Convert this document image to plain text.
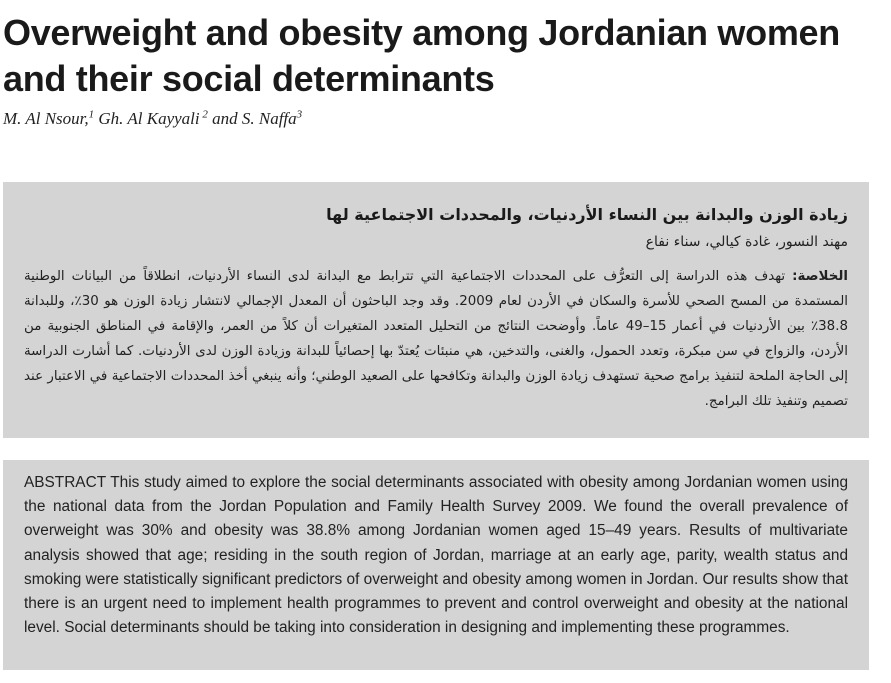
Overweight and obesity among Jordanian women and their social determinants

M. Al Nsour,$^1$ Gh. Al Kayyali $^2$ and S. Naffa$^3$

زيادة الوزن والبدانة بين النساء الأردنيات، والمحددات الاجتماعية لها

مهند النسور، غادة كيالي، سناء نفاع

الخلاصة: تهدف هذه الدراسة إلى التعرُّف على المحددات الاجتماعية التي تترابط مع البدانة لدى النساء الأردنيات، انطلاقاً من البيانات الوطنية المستمدة من المسح الصحي للأسرة والسكان في الأردن لعام 2009. وقد وجد الباحثون أن المعدل الإجمالي لانتشار زيادة الوزن هو 30٪، وللبدانة 38.8٪ بين الأردنيات في أعمار 15–49 عاماً. وأوضحت النتائج من التحليل المتعدد المتغيرات أن كلاً من العمر، والإقامة في المناطق الجنوبية من الأردن، والزواج في سن مبكرة، وتعدد الحمول، والغنى، والتدخين، هي منبئات يُعتدّ بها إحصائياً للبدانة وزيادة الوزن لدى الأردنيات. كما أشارت الدراسة إلى الحاجة الملحة لتنفيذ برامج صحية تستهدف زيادة الوزن والبدانة وتكافحها على الصعيد الوطني؛ وأنه ينبغي أخذ المحددات الاجتماعية في الاعتبار عند تصميم وتنفيذ تلك البرامج.

ABSTRACT This study aimed to explore the social determinants associated with obesity among Jordanian women using the national data from the Jordan Population and Family Health Survey 2009. We found the overall prevalence of overweight was 30% and obesity was 38.8% among Jordanian women aged 15–49 years. Results of multivariate analysis showed that age; residing in the south region of Jordan, marriage at an early age, parity, wealth status and smoking were statistically significant predictors of overweight and obesity among women in Jordan. Our results show that there is an urgent need to implement health programmes to prevent and control overweight and obesity at the national level. Social determinants should be taking into consideration in designing and implementing these programmes.
